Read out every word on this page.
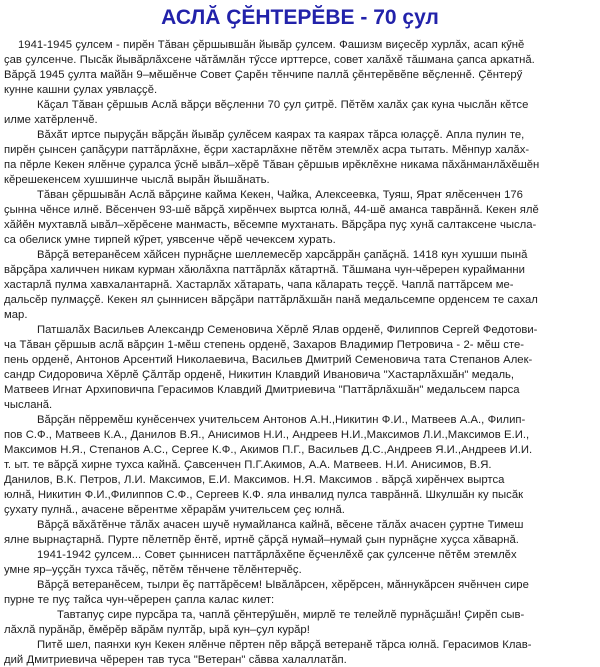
АСЛӐ ҪӖНТЕРӖВЕ - 70 ҫул

1941-1945 ҫулсем - пирӗн Тӑван ҫӗршывшӑн йывӑр ҫулсем. Фашизм виҫесӗр хурлӑх, асап кӳнӗ
ҫав ҫулсенче. Пысӑк йывӑрлӑхсене чӑтӑмлӑн тӳссе ирттерсе, совет халӑхӗ тӑшмана ҫапса аркатнӑ.
Вӑрҫӑ 1945 ҫулта майӑн 9–мӗшӗнче Совет Ҫарӗн тӗнчипе паллӑ ҫӗнтерӗвӗпе вӗҫленнӗ. Ҫӗнтерӳ
кунне кашни ҫулах уявлаҫҫӗ.

Кӑҫал Тӑван ҫӗршыв Аслӑ вӑрҫи вӗҫленни 70 ҫул ҫитрӗ. Пӗтӗм халӑх ҫак куна чыслӑн кӗтсе
илме хатӗрленчӗ.

Вӑхӑт иртсе пыруҫӑн вӑрҫӑн йывӑр ҫулӗсем каярах та каярах тӑрса юлаҫҫӗ. Апла пулин те,
пирӗн ҫынсен ҫапӑҫури паттӑрлӑхне, ӗҫри хастарлӑхне пӗтӗм этемлӗх асра тытать. Мӗнпур халӑх-
па пӗрле Кекен ялӗнче ҫуралса ӳснӗ ывӑл–хӗрӗ Тӑван ҫӗршыв ирӗклӗхне никама пӑхӑнманлӑхӗшӗн
кӗрешекенсем хушшинче чыслӑ вырӑн йышӑнать.

Тӑван ҫӗршывӑн Аслӑ вӑрҫине кайма Кекен, Чайка, Алексеевка, Туяш, Ярат ялӗсенчен 176
ҫынна чӗнсе илнӗ. Вӗсенчен 93-шӗ вӑрҫӑ хирӗнчех выртса юлнӑ, 44-шӗ аманса таврӑннӑ. Кекен ялӗ
хӑйӗн мухтавлӑ ывӑл–хӗрӗсене манмасть, вӗсемпе мухтанать. Вӑрҫӑра пуҫ хунӑ салтаксене чысла-
са обелиск умне тирпей кӳрет, уявсенче чӗрӗ чечексем хурать.

Вӑрҫӑ ветеранӗсем хӑйсен пурнӑҫне шеллемесӗр харсӑррӑн ҫапӑҫнӑ. 1418 кун хушши пынӑ
вӑрҫӑра халиччен никам курман хӑюлӑхпа паттӑрлӑх кӑтартнӑ. Тӑшмана чун-чӗререн курайманни
хастарлӑ пулма хавхалантарнӑ. Хастарлӑх хӑтарать, чапа кӑларать теҫҫӗ. Чаплӑ паттӑрсем ме-
дальсӗр пулмаҫҫӗ. Кекен ял ҫыннисен вӑрҫӑри паттӑрлӑхшӑн панӑ медальсемпе орденсем те сахал
мар.

Патшалӑх Васильев Александр Семеновича Хӗрлӗ Ялав орденӗ, Филиппов Сергей Федотови-
ча Тӑван ҫӗршыв аслӑ вӑрҫин 1-мӗш степень орденӗ, Захаров Владимир Петровича - 2- мӗш сте-
пень орденӗ, Антонов Арсентий Николаевича, Васильев Дмитрий Семеновича тата Степанов Алек-
сандр Сидоровича Хӗрлӗ Ҫӑлтӑр орденӗ, Никитин Клавдий Ивановича "Хастарлӑхшӑн" медаль,
Матвеев Игнат Архиповичпа Герасимов Клавдий Дмитриевича "Паттӑрлӑхшӑн" медальсем парса
чысланӑ.

Вӑрҫӑн пӗрремӗш кунӗсенчех учительсем Антонов А.Н.,Никитин Ф.И., Матвеев А.А., Филип-
пов С.Ф., Матвеев К.А., Данилов В.Я., Анисимов Н.И., Андреев Н.И.,Максимов Л.И.,Максимов Е.И.,
Максимов Н.Я., Степанов А.С., Сергее К.Ф., Акимов П.Г., Васильев Д.С.,Андреев Я.И.,Андреев И.И.
т. ыт. те вӑрҫӑ хирне тухса кайнӑ. Ҫавсенчен П.Г.Акимов, А.А. Матвеев. Н.И. Анисимов, В.Я.
Данилов, В.К. Петров, Л.И. Максимов, Е.И. Максимов. Н.Я. Максимов . вӑрҫӑ хирӗнчех выртса
юлнӑ, Никитин Ф.И.,Филиппов С.Ф., Сергеев К.Ф. яла инвалид пулса таврӑннӑ. Шкулшӑн ку пысӑк
ҫухату пулнӑ., ачасене вӗрентме хӗрарӑм учительсем ҫеҫ юлнӑ.

Вӑрҫӑ вӑхӑтӗнче тӑлӑх ачасен шучӗ нумайланса кайнӑ, вӗсене тӑлӑх ачасен ҫуртне Тимеш
ялне вырнаҫтарнӑ. Пурте пӗлетпӗр ӗнтӗ, иртнӗ ҫӑрҫӑ нумай–нумай ҫын пурнӑҫне хуҫса хӑварнӑ.

1941-1942 ҫулсем... Совет ҫыннисен паттӑрлӑхӗпе ӗҫченлӗхӗ ҫак ҫулсенче пӗтӗм этемлӗх
умне яр–уҫҫӑн тухса тӑчӗҫ, пӗтӗм тӗнчене тӗлӗнтерчӗҫ.

Вӑрҫӑ ветеранӗсем, тылри ӗҫ паттӑрӗсем! Ывӑлӑрсен, хӗрӗрсен, мӑннукӑрсен ячӗнчен сире
пурне те пуҫ тайса чун-чӗререн ҫапла калас килет:

Тавтапуҫ сире пурсӑра та, чаплӑ ҫӗнтерӳшӗн, мирлӗ те телейлӗ пурнӑҫшӑн! Ҫирӗп сыв-
лӑхлӑ пурӑнӑр, ӗмӗрӗр вӑрӑм пултӑр, ырӑ кун–ҫул курӑр!

Питӗ шел, паянхи кун Кекен ялӗнче пӗртен пӗр вӑрҫӑ ветеранӗ тӑрса юлнӑ. Герасимов Клав-
дий Дмитриевича чӗререн тав туса "Ветеран" сӑвва халаллатӑп.
